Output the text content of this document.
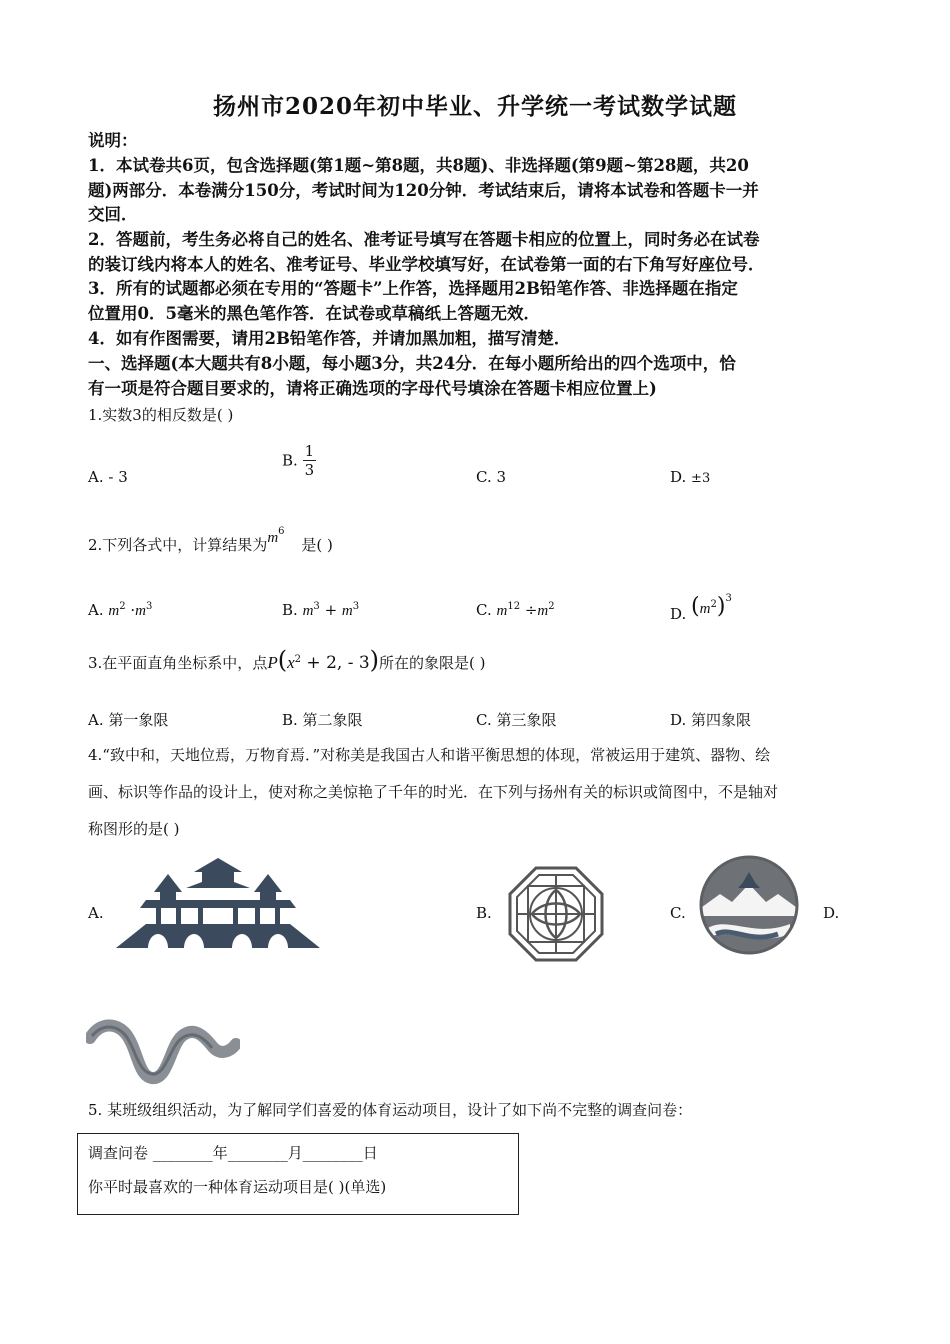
扬州市2020年初中毕业、升学统一考试数学试题
说明：
1．本试卷共6页，包含选择题(第1题~第8题，共8题)、非选择题(第9题~第28题，共20
题)两部分．本卷满分150分，考试时间为120分钟．考试结束后，请将本试卷和答题卡一并
交回．
2．答题前，考生务必将自己的姓名、准考证号填写在答题卡相应的位置上，同时务必在试卷
的装订线内将本人的姓名、准考证号、毕业学校填写好，在试卷第一面的右下角写好座位号．
3．所有的试题都必须在专用的“答题卡”上作答，选择题用2B铅笔作答、非选择题在指定
位置用0．5毫米的黑色笔作答．在试卷或草稿纸上答题无效．
4．如有作图需要，请用2B铅笔作答，并请加黑加粗，描写清楚．
一、选择题(本大题共有8小题，每小题3分，共24分．在每小题所给出的四个选项中，恰
有一项是符合题目要求的，请将正确选项的字母代号填涂在答题卡相应位置上)
1.实数3的相反数是( )
A. - 3
B. $\frac{1}{3}$	C. 3	D. ±3
2.下列各式中，计算结果为$m^6$ 是( )
A. $m^2 \cdot m^3$	B. $m^3 + m^3$	C. $m^{12} \div m^2$	D. $(m^2)^3$
3.在平面直角坐标系中，点$P(x^2 + 2$, - 3)所在的象限是( )
A. 第一象限	B. 第二象限	C. 第三象限	D. 第四象限
4.“致中和，天地位焉，万物育焉．”对称美是我国古人和谐平衡思想的体现，常被运用于建筑、器物、绘
画、标识等作品的设计上，使对称之美惊艳了千年的时光．在下列与扬州有关的标识或简图中，不是轴对
称图形的是( )
A.	B.	C.	D.
5. 某班级组织活动，为了解同学们喜爱的体育运动项目，设计了如下尚不完整的调查问卷：
调查问卷 ________年________月________日
你平时最喜欢的一种体育运动项目是( )(单选)
